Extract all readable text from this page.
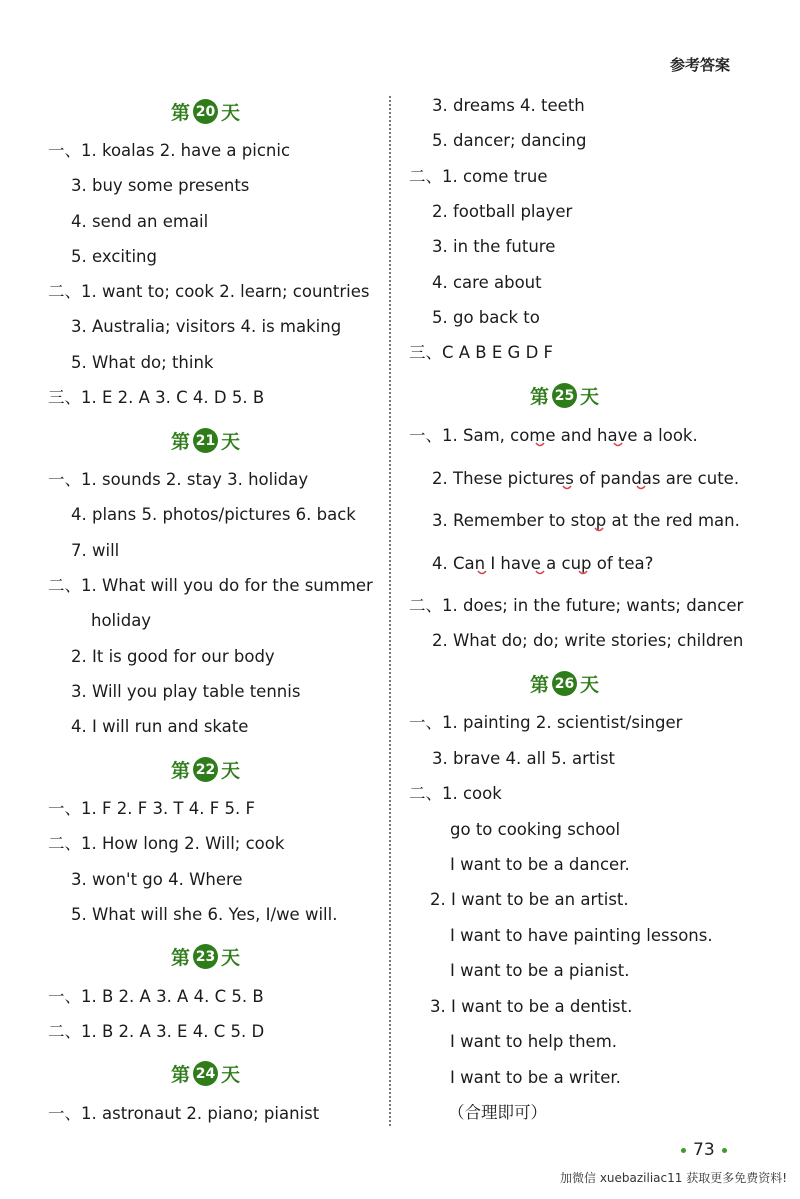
参考答案
第 20 天
一、1. koalas 2. have a picnic
3. buy some presents
4. send an email
5. exciting
二、1. want to; cook 2. learn; countries
3. Australia; visitors 4. is making
5. What do; think
三、1. E 2. A 3. C 4. D 5. B
第 21 天
一、1. sounds 2. stay 3. holiday
4. plans 5. photos/pictures 6. back
7. will
二、1. What will you do for the summer
holiday
2. It is good for our body
3. Will you play table tennis
4. I will run and skate
第 22 天
一、1. F 2. F 3. T 4. F 5. F
二、1. How long 2. Will; cook
3. won't go 4. Where
5. What will she 6. Yes, I/we will.
第 23 天
一、1. B 2. A 3. A 4. C 5. B
二、1. B 2. A 3. E 4. C 5. D
第 24 天
一、1. astronaut 2. piano; pianist
3. dreams 4. teeth
5. dancer; dancing
二、1. come true
2. football player
3. in the future
4. care about
5. go back to
三、C A B E G D F
第 25 天
一、1. Sam, come and have a look.
2. These pictures of pandas are cute.
3. Remember to stop at the red man.
4. Can I have a cup of tea?
二、1. does; in the future; wants; dancer
2. What do; do; write stories; children
第 26 天
一、1. painting 2. scientist/singer
3. brave 4. all 5. artist
二、1. cook
go to cooking school
I want to be a dancer.
2. I want to be an artist.
I want to have painting lessons.
I want to be a pianist.
3. I want to be a dentist.
I want to help them.
I want to be a writer.
（合理即可）
73
加微信 xuebaziliac11 获取更多免费资料!
